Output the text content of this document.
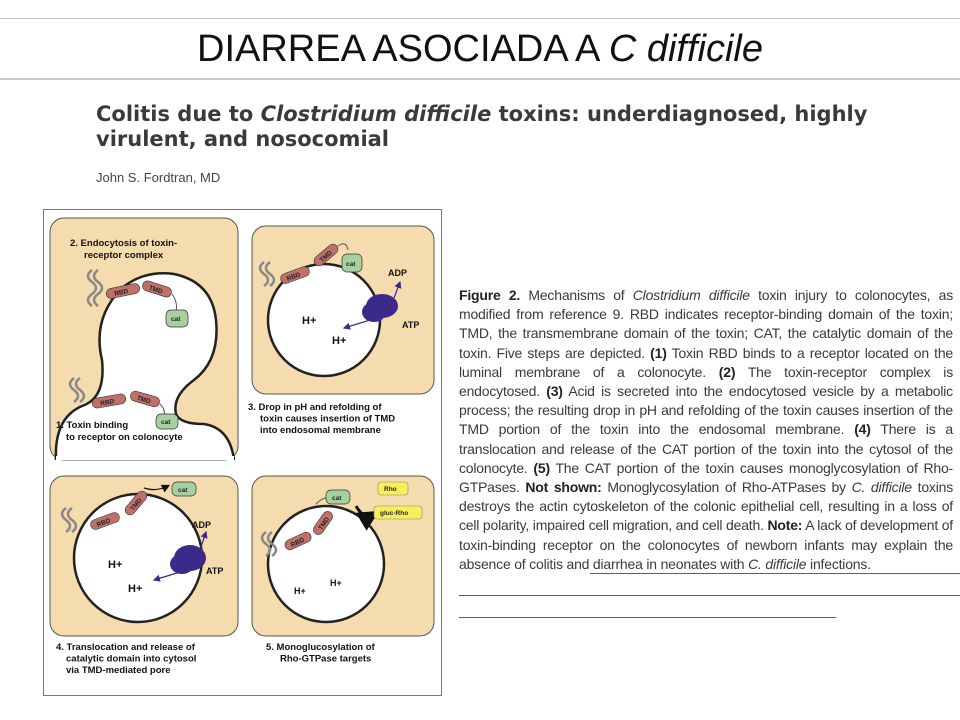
DIARREA ASOCIADA A C difficile
Colitis due to Clostridium difficile toxins: underdiagnosed, highly virulent, and nosocomial
John S. Fordtran, MD
RBD	TMD
cat
RBD	TMD
cat
2. Endocytosis of toxin- receptor complex
1. Toxin binding to receptor on colonocyte
RBD
TMD
cat
ADP
ATP
H+
H+
3. Drop in pH and refolding of toxin causes insertion of TMD into endosomal membrane
RBD
TMD
cat
ADP
ATP
H+
H+
4. Translocation and release of catalytic domain into cytosol via TMD-mediated pore
RBD
TMD
cat
Rho
gluc-Rho
H+
H+
5. Monoglucosylation of Rho-GTPase targets
Figure 2. Mechanisms of Clostridium difficile toxin injury to colonocytes, as modified from reference 9. RBD indicates receptor-binding domain of the toxin; TMD, the transmembrane domain of the toxin; CAT, the catalytic domain of the toxin. Five steps are depicted. (1) Toxin RBD binds to a receptor located on the luminal membrane of a colonocyte. (2) The toxin-receptor complex is endocytosed. (3) Acid is secreted into the endocytosed vesicle by a metabolic process; the resulting drop in pH and refolding of the toxin causes insertion of the TMD portion of the toxin into the endosomal membrane. (4) There is a translocation and release of the CAT portion of the toxin into the cytosol of the colonocyte. (5) The CAT portion of the toxin causes monoglycosylation of Rho-GTPases. Not shown: Monoglycosylation of Rho-ATPases by C. difficile toxins destroys the actin cytoskeleton of the colonic epithelial cell, resulting in a loss of cell polarity, impaired cell migration, and cell death. Note: A lack of development of toxin-binding receptor on the colonocytes of newborn infants may explain the absence of colitis and diarrhea in neonates with C. difficile infections.
